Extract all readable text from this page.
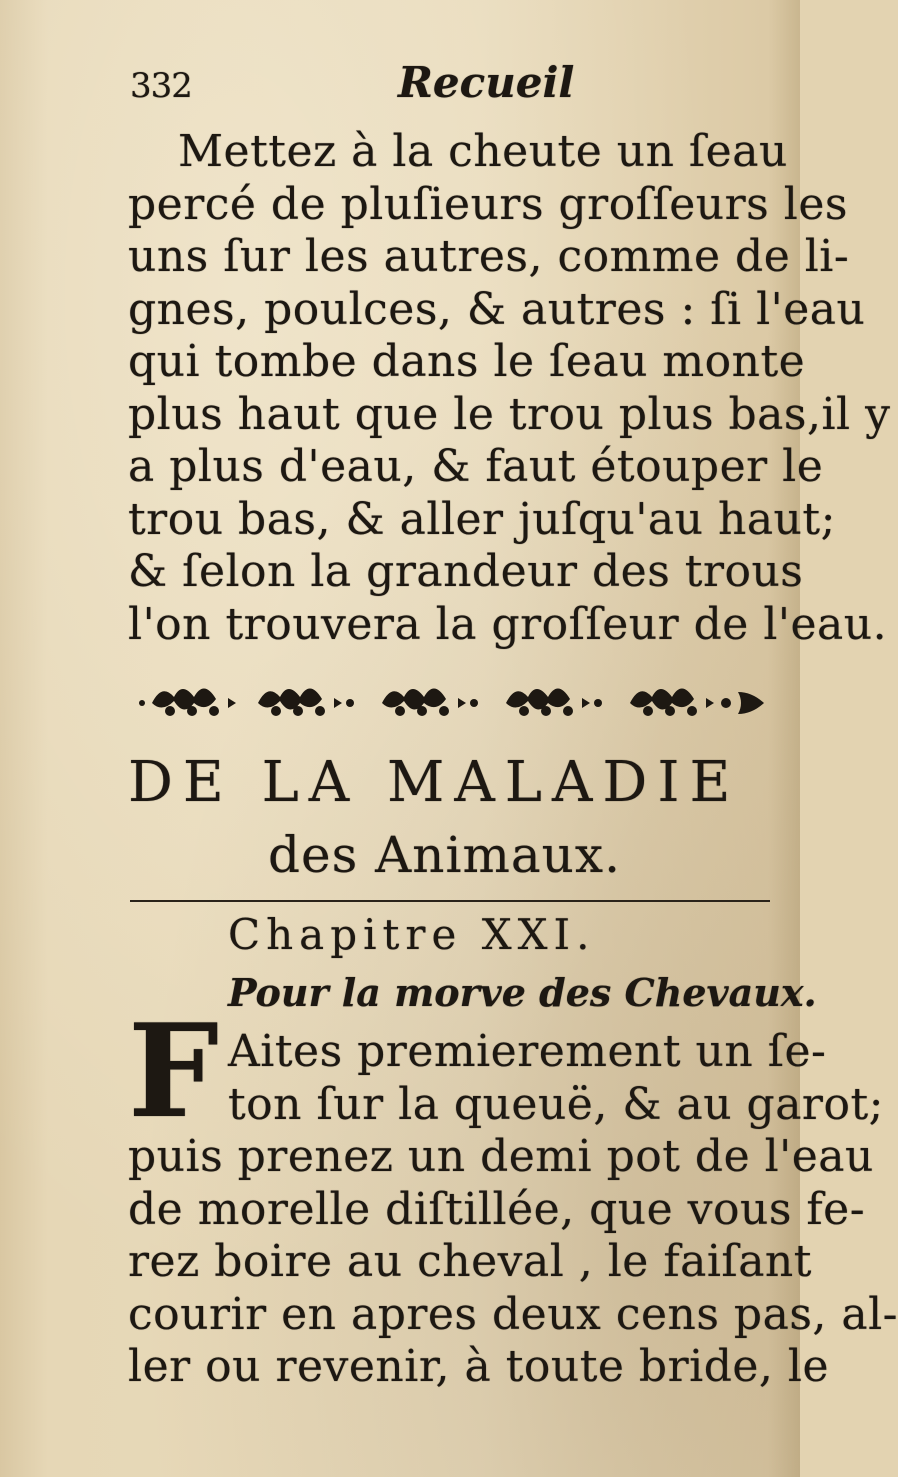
332	Recueil
Mettez à la cheute un ſeau
percé de pluſieurs groſſeurs les
uns ſur les autres, comme de li-
gnes, poulces, & autres : ſi l'eau
qui tombe dans le ſeau monte
plus haut que le trou plus bas,il y
a plus d'eau, & faut étouper le
trou bas, & aller juſqu'au haut;
& ſelon la grandeur des trous
l'on trouvera la groſſeur de l'eau.
DE LA MALADIE
des Animaux.
Chapitre XXI.
Pour la morve des Chevaux.
F Aites premierement un ſe-
ton ſur la queuë, & au garot;
puis prenez un demi pot de l'eau
de morelle diſtillée, que vous fe-
rez boire au cheval , le faiſant
courir en apres deux cens pas, al-
ler ou revenir, à toute bride, le
